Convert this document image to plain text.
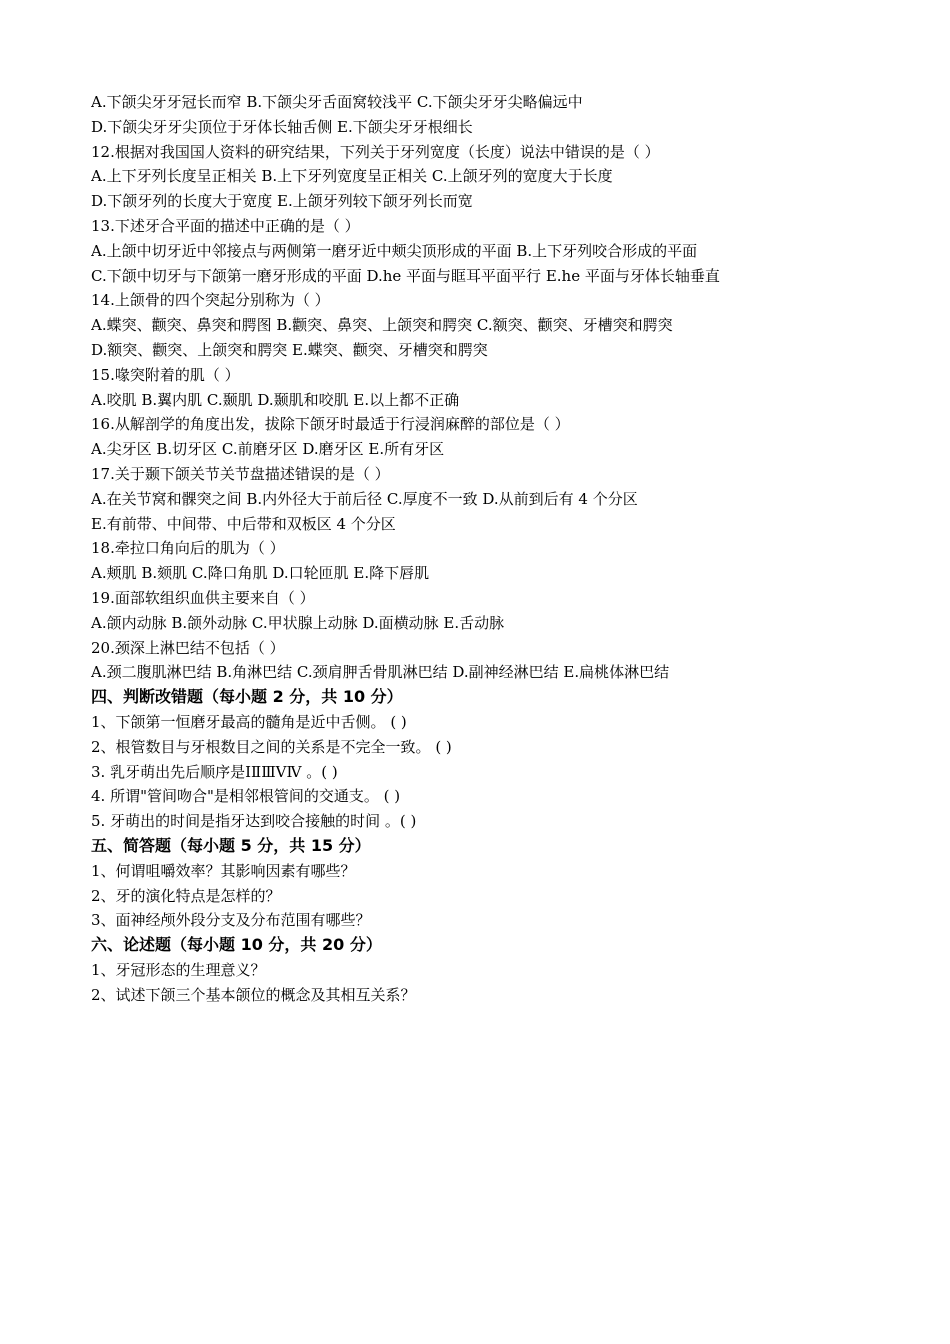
A.下颌尖牙牙冠长而窄 B.下颌尖牙舌面窝较浅平 C.下颌尖牙牙尖略偏远中
D.下颌尖牙牙尖顶位于牙体长轴舌侧 E.下颌尖牙牙根细长
12.根据对我国国人资料的研究结果，下列关于牙列宽度（长度）说法中错误的是（ ）
A.上下牙列长度呈正相关 B.上下牙列宽度呈正相关 C.上颌牙列的宽度大于长度
D.下颌牙列的长度大于宽度 E.上颌牙列较下颌牙列长而宽
13.下述牙合平面的描述中正确的是（ ）
A.上颌中切牙近中邻接点与两侧第一磨牙近中颊尖顶形成的平面 B.上下牙列咬合形成的平面
C.下颌中切牙与下颌第一磨牙形成的平面 D.he 平面与眶耳平面平行 E.he 平面与牙体长轴垂直
14.上颌骨的四个突起分别称为（ ）
A.蝶突、颧突、鼻突和腭图 B.颧突、鼻突、上颌突和腭突 C.额突、颧突、牙槽突和腭突
D.额突、颧突、上颌突和腭突 E.蝶突、颧突、牙槽突和腭突
15.喙突附着的肌（ ）
A.咬肌 B.翼内肌 C.颞肌 D.颞肌和咬肌 E.以上都不正确
16.从解剖学的角度出发，拔除下颌牙时最适于行浸润麻醉的部位是（ ）
A.尖牙区 B.切牙区 C.前磨牙区 D.磨牙区 E.所有牙区
17.关于颞下颌关节关节盘描述错误的是（ ）
A.在关节窝和髁突之间 B.内外径大于前后径 C.厚度不一致 D.从前到后有 4 个分区
E.有前带、中间带、中后带和双板区 4 个分区
18.牵拉口角向后的肌为（ ）
A.颊肌 B.颏肌 C.降口角肌 D.口轮匝肌 E.降下唇肌
19.面部软组织血供主要来自（ ）
A.颌内动脉 B.颌外动脉 C.甲状腺上动脉 D.面横动脉 E.舌动脉
20.颈深上淋巴结不包括（ ）
A.颈二腹肌淋巴结 B.角淋巴结 C.颈肩胛舌骨肌淋巴结 D.副神经淋巴结 E.扁桃体淋巴结
四、判断改错题（每小题 2 分，共 10 分）
1、下颌第一恒磨牙最高的髓角是近中舌侧。 ( )
2、根管数目与牙根数目之间的关系是不完全一致。 ( )
3. 乳牙萌出先后顺序是ⅠⅡⅢⅤⅣ 。( )
4. 所谓"管间吻合"是相邻根管间的交通支。 ( )
5. 牙萌出的时间是指牙达到咬合接触的时间 。( )
五、简答题（每小题 5 分，共 15 分）
1、何谓咀嚼效率？其影响因素有哪些？
2、牙的演化特点是怎样的？
3、面神经颅外段分支及分布范围有哪些？
六、论述题（每小题 10 分，共 20 分）
1、牙冠形态的生理意义？
2、试述下颌三个基本颌位的概念及其相互关系？
